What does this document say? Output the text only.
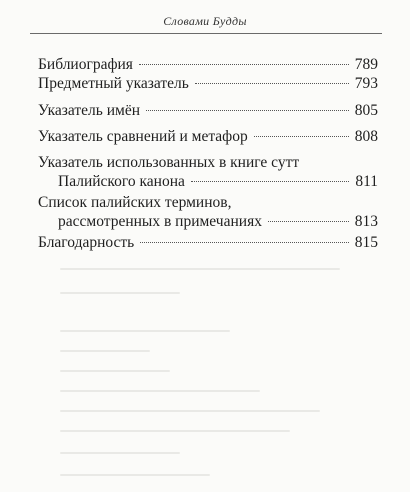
Словами Будды
Библиография	789
Предметный указатель	793
Указатель имён	805
Указатель сравнений и метафор	808
Указатель использованных в книге сутт
Палийского канона	811
Список палийских терминов,
рассмотренных в примечаниях	813
Благодарность	815
